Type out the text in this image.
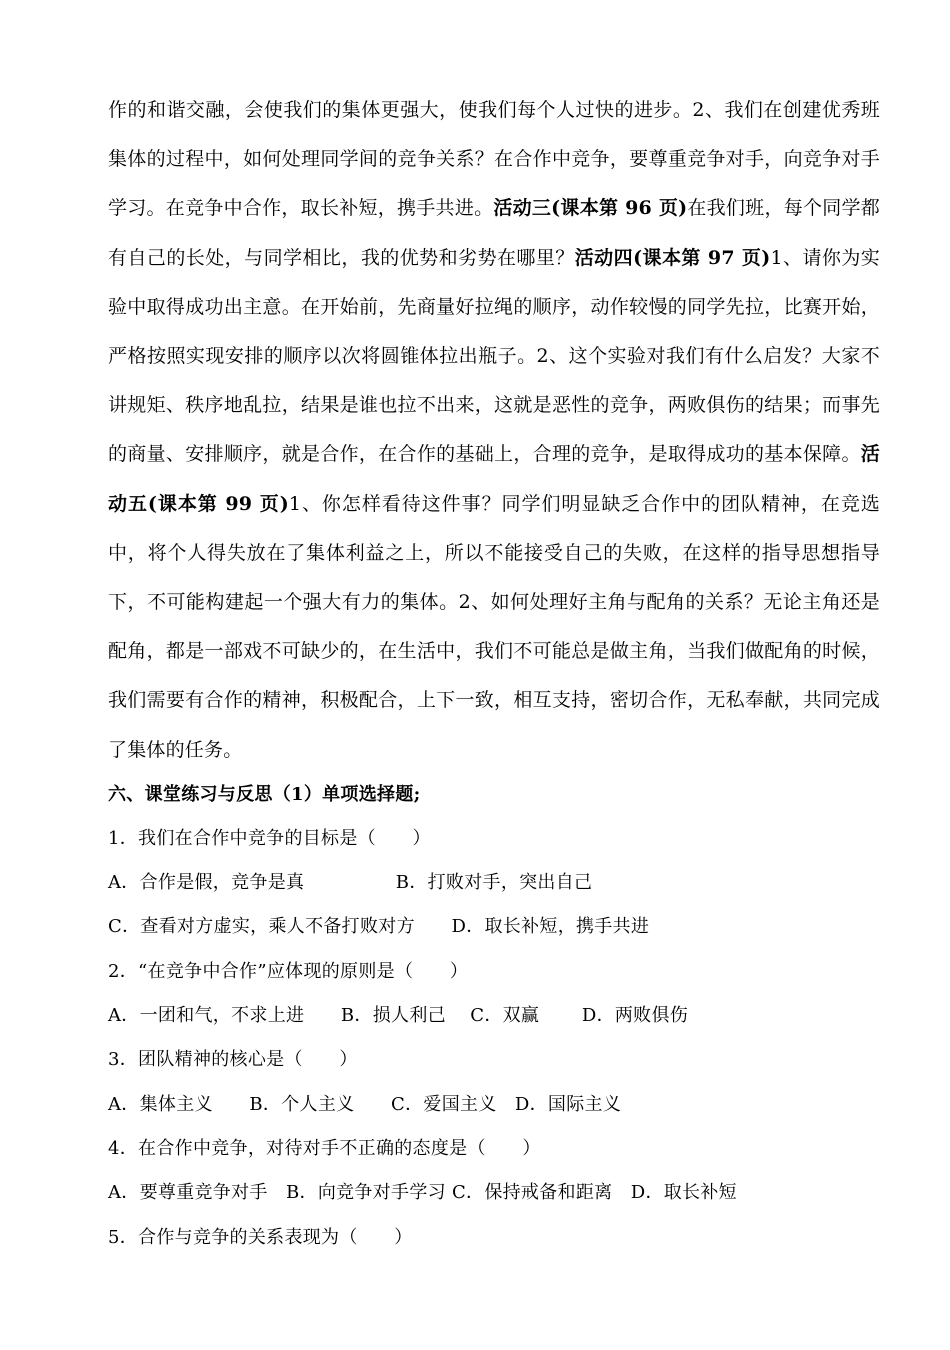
作的和谐交融，会使我们的集体更强大，使我们每个人过快的进步。2、我们在创建优秀班集体的过程中，如何处理同学间的竞争关系？在合作中竞争，要尊重竞争对手，向竞争对手学习。在竞争中合作，取长补短，携手共进。活动三(课本第 96 页)在我们班，每个同学都有自己的长处，与同学相比，我的优势和劣势在哪里？活动四(课本第 97 页)1、请你为实验中取得成功出主意。在开始前，先商量好拉绳的顺序，动作较慢的同学先拉，比赛开始，严格按照实现安排的顺序以次将圆锥体拉出瓶子。2、这个实验对我们有什么启发？大家不讲规矩、秩序地乱拉，结果是谁也拉不出来，这就是恶性的竞争，两败俱伤的结果；而事先的商量、安排顺序，就是合作，在合作的基础上，合理的竞争，是取得成功的基本保障。活动五(课本第 99 页)1、你怎样看待这件事？同学们明显缺乏合作中的团队精神，在竞选中，将个人得失放在了集体利益之上，所以不能接受自己的失败，在这样的指导思想指导下，不可能构建起一个强大有力的集体。2、如何处理好主角与配角的关系？无论主角还是配角，都是一部戏不可缺少的，在生活中，我们不可能总是做主角，当我们做配角的时候，我们需要有合作的精神，积极配合，上下一致，相互支持，密切合作，无私奉献，共同完成了集体的任务。

六、课堂练习与反思（1）单项选择题;
1．我们在合作中竞争的目标是（　　）
A．合作是假，竞争是真　　　　　B．打败对手，突出自己
C．查看对方虚实，乘人不备打败对方　　D．取长补短，携手共进
2．“在竞争中合作”应体现的原则是（　　）
A．一团和气，不求上进　　B．损人利己　 C．双赢　　 D．两败俱伤
3．团队精神的核心是（　　）
A．集体主义　　B．个人主义　　C．爱国主义　D．国际主义
4．在合作中竞争，对待对手不正确的态度是（　　）
A．要尊重竞争对手　B．向竞争对手学习 C．保持戒备和距离　D．取长补短
5．合作与竞争的关系表现为（　　）
